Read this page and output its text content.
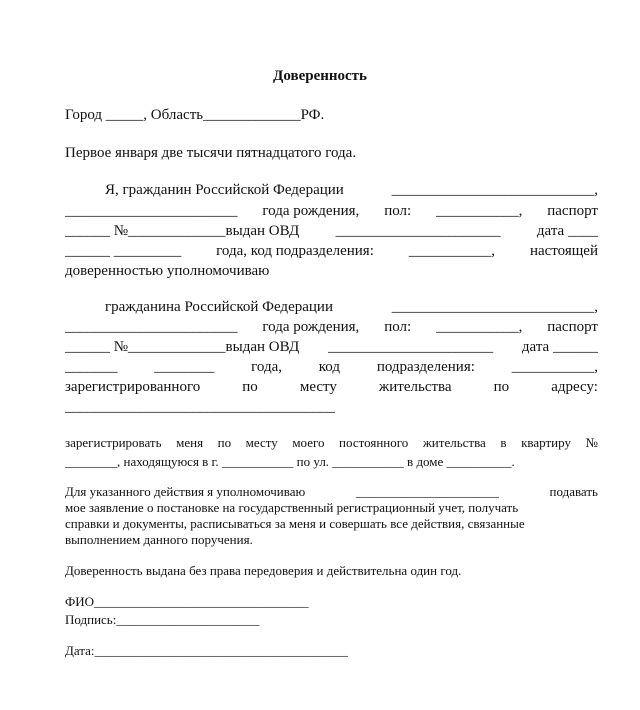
Доверенность
Город _____, Область_____________РФ.
Первое января две тысячи пятнадцатого года.
Я, гражданин Российской Федерации	___________________________,
_______________________ года рождения, пол: ___________, паспорт
______ №_____________выдан ОВД ______________________ дата ____
______ _________ года, код подразделения: ___________, настоящей
доверенностью уполномочиваю
гражданина Российской Федерации	___________________________,
_______________________ года рождения, пол: ___________, паспорт
______ №_____________выдан ОВД ______________________ дата ______
_______ ________ года, код подразделения: ___________,
зарегистрированного	по	месту	жительства	по	адресу:
____________________________________
зарегистрировать меня по месту моего постоянного жительства в квартиру №
________, находящуюся в г. ___________ по ул. ___________ в доме __________.
Для указанного действия я уполномочиваю	______________________	подавать
мое заявление о постановке на государственный регистрационный учет, получать
справки и документы, расписываться за меня и совершать все действия, связанные
выполнением данного поручения.
Доверенность выдана без права передоверия и действительна один год.
ФИО_________________________________
Подпись:______________________
Дата:_______________________________________
